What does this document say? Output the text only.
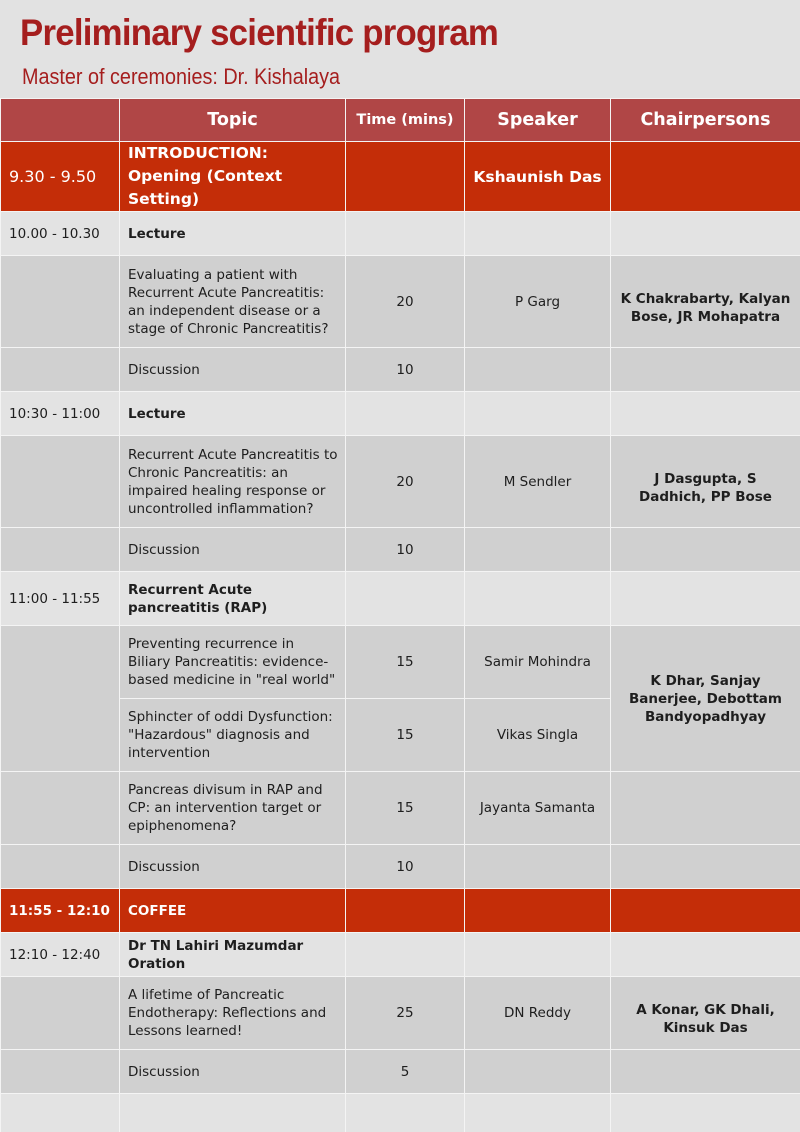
Preliminary scientific program
Master of ceremonies: Dr. Kishalaya
	Topic	Time (mins)	Speaker	Chairpersons
9.30 - 9.50	INTRODUCTION: Opening (Context Setting)		Kshaunish Das	
10.00 - 10.30	Lecture			
	Evaluating a patient with Recurrent Acute Pancreatitis: an independent disease or a stage of Chronic Pancreatitis?	20	P Garg	K Chakrabarty, Kalyan Bose, JR Mohapatra
	Discussion	10		
10:30 - 11:00	Lecture			
	Recurrent Acute Pancreatitis to Chronic Pancreatitis: an impaired healing response or uncontrolled inflammation?	20	M Sendler	J Dasgupta, S Dadhich, PP Bose
	Discussion	10		
11:00 - 11:55	Recurrent Acute pancreatitis (RAP)			
	Preventing recurrence in Biliary Pancreatitis: evidence-based medicine in "real world"	15	Samir Mohindra	K Dhar, Sanjay Banerjee, Debottam Bandyopadhyay
	Sphincter of oddi Dysfunction: "Hazardous" diagnosis and intervention	15	Vikas Singla	
	Pancreas divisum in RAP and CP: an intervention target or epiphenomena?	15	Jayanta Samanta	
	Discussion	10		
11:55 - 12:10	COFFEE			
12:10 - 12:40	Dr TN Lahiri Mazumdar Oration			
	A lifetime of Pancreatic Endotherapy: Reflections and Lessons learned!	25	DN Reddy	A Konar, GK Dhali, Kinsuk Das
	Discussion	5		
